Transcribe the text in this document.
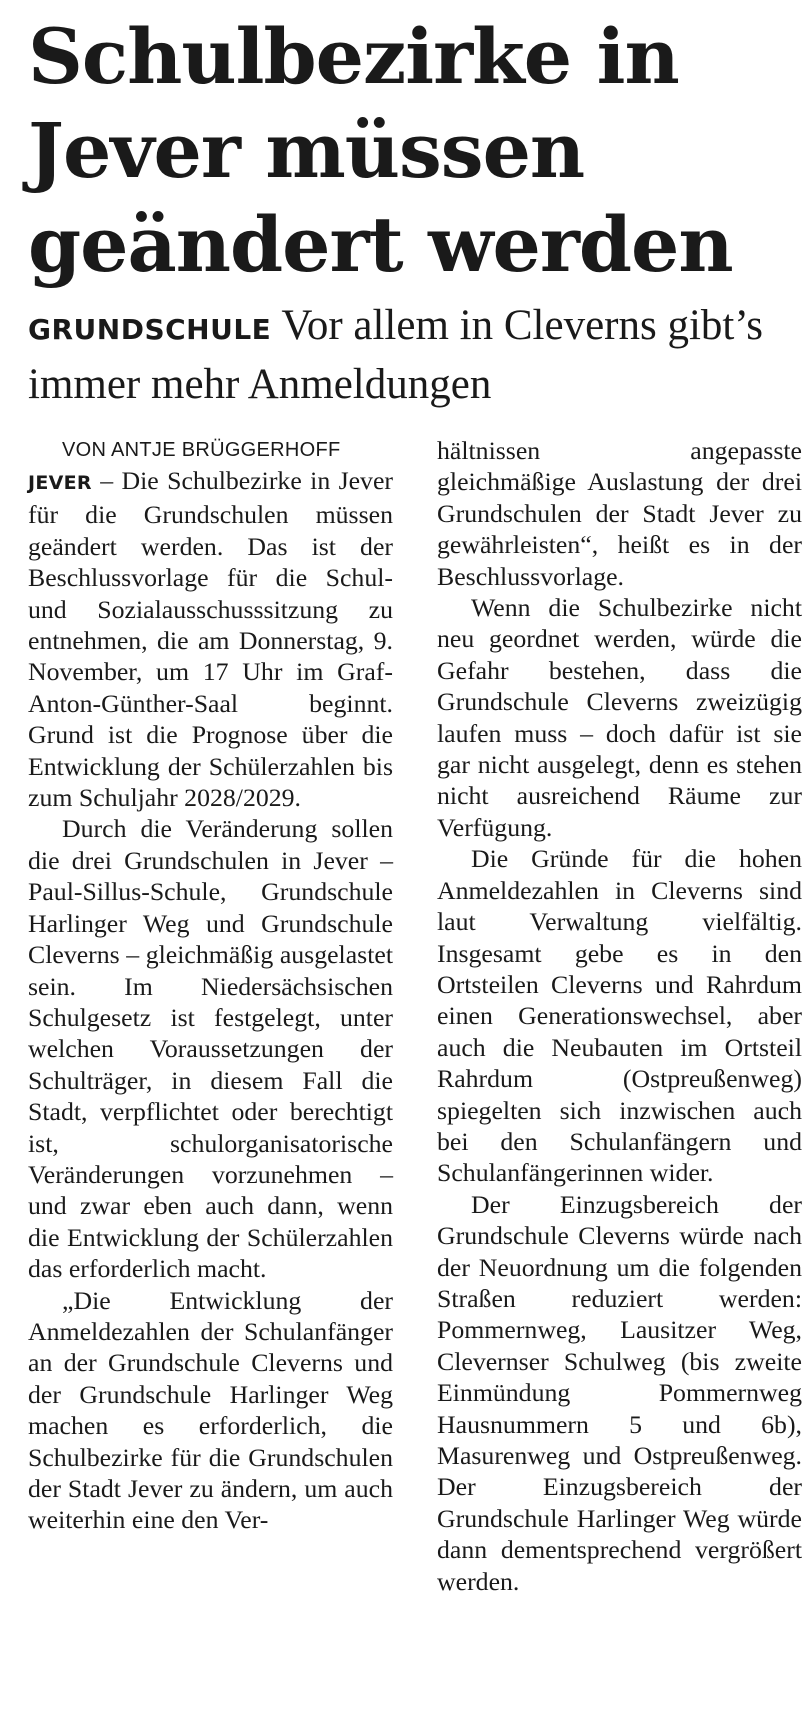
Schulbezirke in Jever müssen geändert werden
GRUNDSCHULE Vor allem in Cleverns gibt’s immer mehr Anmeldungen

VON ANTJE BRÜGGERHOFF

JEVER – Die Schulbezirke in Jever für die Grundschulen müssen geändert werden. Das ist der Beschlussvorlage für die Schul- und Sozialausschusssitzung zu entnehmen, die am Donnerstag, 9. November, um 17 Uhr im Graf-Anton-Günther-Saal beginnt. Grund ist die Prognose über die Entwicklung der Schülerzahlen bis zum Schuljahr 2028/2029.

Durch die Veränderung sollen die drei Grundschulen in Jever – Paul-Sillus-Schule, Grundschule Harlinger Weg und Grundschule Cleverns – gleichmäßig ausgelastet sein. Im Niedersächsischen Schulgesetz ist festgelegt, unter welchen Voraussetzungen der Schulträger, in diesem Fall die Stadt, verpflichtet oder berechtigt ist, schulorganisatorische Veränderungen vorzunehmen – und zwar eben auch dann, wenn die Entwicklung der Schülerzahlen das erforderlich macht.

„Die Entwicklung der Anmeldezahlen der Schulanfänger an der Grundschule Cleverns und der Grundschule Harlinger Weg machen es erforderlich, die Schulbezirke für die Grundschulen der Stadt Jever zu ändern, um auch weiterhin eine den Ver-

hältnissen angepasste gleichmäßige Auslastung der drei Grundschulen der Stadt Jever zu gewährleisten“, heißt es in der Beschlussvorlage.

Wenn die Schulbezirke nicht neu geordnet werden, würde die Gefahr bestehen, dass die Grundschule Cleverns zweizügig laufen muss – doch dafür ist sie gar nicht ausgelegt, denn es stehen nicht ausreichend Räume zur Verfügung.

Die Gründe für die hohen Anmeldezahlen in Cleverns sind laut Verwaltung vielfältig. Insgesamt gebe es in den Ortsteilen Cleverns und Rahrdum einen Generationswechsel, aber auch die Neubauten im Ortsteil Rahrdum (Ostpreußenweg) spiegelten sich inzwischen auch bei den Schulanfängern und Schulanfängerinnen wider.

Der Einzugsbereich der Grundschule Cleverns würde nach der Neuordnung um die folgenden Straßen reduziert werden: Pommernweg, Lausitzer Weg, Clevernser Schulweg (bis zweite Einmündung Pommernweg Hausnummern 5 und 6b), Masurenweg und Ostpreußenweg. Der Einzugsbereich der Grundschule Harlinger Weg würde dann dementsprechend vergrößert werden.
